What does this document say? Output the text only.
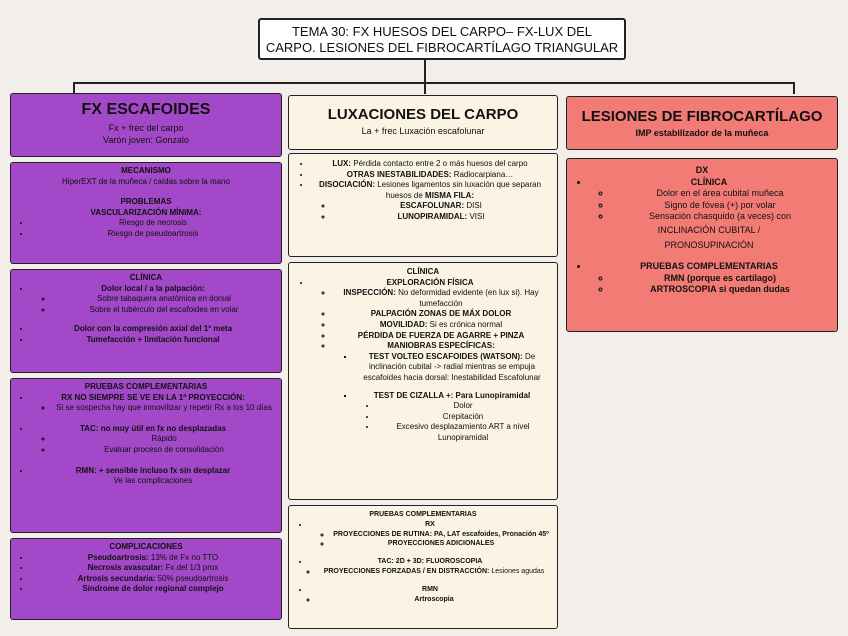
TEMA 30: FX HUESOS DEL CARPO– FX-LUX DEL
CARPO. LESIONES DEL FIBROCARTÍLAGO TRIANGULAR
FX ESCAFOIDES
Fx + frec del carpo
Varón joven: Gonzalo
MECANISMO
HiperEXT de la muñeca / caídas sobre la mano
PROBLEMAS
VASCULARIZACIÓN MÍNIMA:
• Riesgo de necrosis
• Riesgo de pseudoartrosis
CLÍNICA
• Dolor local / a la palpación:
◦ Sobre tabaquera anatómica en dorsal
◦ Sobre el tubérculo del escafoides en volar
• Dolor con la compresión axial del 1º meta
• Tumefacción + limitación funcional
PRUEBAS COMPLEMENTARIAS
• RX NO SIEMPRE SE VE EN LA 1ª PROYECCIÓN:
◦ Si se sospecha hay que inmovilizar y repetir Rx a los 10 días
• TAC: no muy útil en fx no desplazadas
◦ Rápido
◦ Evaluar proceso de consolidación
• RMN: + sensible incluso fx sin desplazar
Ve las complicaciones
COMPLICACIONES
• Pseudoartrosis: 13% de Fx no TTO
• Necrosis avascular: Fx del 1/3 prox
• Artrosis secundaria: 50% pseudoartrosis
• Síndrome de dolor regional complejo
LUXACIONES DEL CARPO
La + frec Luxación escafolunar
• LUX: Pérdida contacto entre 2 o más huesos del carpo
• OTRAS INESTABILIDADES: Radiocarpiana…
• DISOCIACIÓN: Lesiones ligamentos sin luxación que separan huesos de MISMA FILA:
◦ ESCAFOLUNAR: DISI
◦ LUNOPIRAMIDAL: VISI
CLÍNICA
• EXPLORACIÓN FÍSICA
◦ INSPECCIÓN: No deformidad evidente (en lux si). Hay tumefacción
◦ PALPACIÓN ZONAS DE MÁX DOLOR
◦ MOVILIDAD: Si es crónica normal
◦ PÉRDIDA DE FUERZA DE AGARRE + PINZA
◦ MANIOBRAS ESPECÍFICAS:
▪ TEST VOLTEO ESCAFOIDES (WATSON): De inclinación cubital -> radial mientras se empuja escafoides hacia dorsal: Inestabilidad Escafolunar
▪ TEST DE CIZALLA +: Para Lunopiramidal
• Dolor
• Crepitación
• Excesivo desplazamiento ART a nivel Lunopiramidal
PRUEBAS COMPLEMENTARIAS
• RX
◦ PROYECCIONES DE RUTINA: PA, LAT escafoides, Pronación 45º
◦ PROYECCIONES ADICIONALES
• TAC: 2D + 3D: FLUOROSCOPIA
◦ PROYECCIONES FORZADAS / EN DISTRACCIÓN: Lesiones agudas
• RMN
◦ Artroscopia
LESIONES DE FIBROCARTÍLAGO
IMP estabilizador de la muñeca
DX
• CLÍNICA
◦ Dolor en el área cubital muñeca
◦ Signo de fóvea (+) por volar
◦ Sensación chasquido (a veces) con
INCLINACIÓN CUBITAL /
PRONOSUPINACIÓN
• PRUEBAS COMPLEMENTARIAS
◦ RMN (porque es cartílago)
◦ ARTROSCOPIA si quedan dudas
